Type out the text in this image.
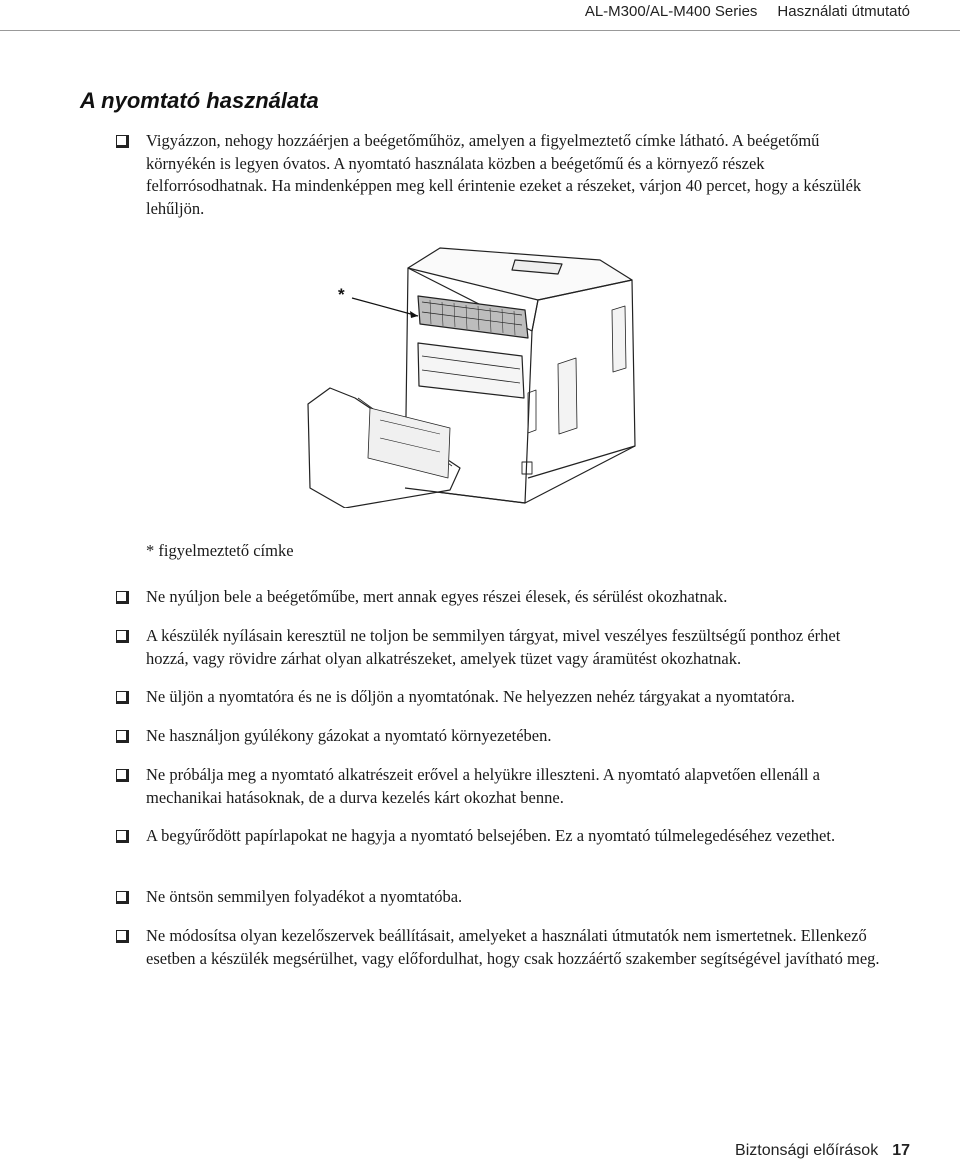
AL-M300/AL-M400 Series Használati útmutató
A nyomtató használata
Vigyázzon, nehogy hozzáérjen a beégetőműhöz, amelyen a figyelmeztető címke látható. A beégetőmű környékén is legyen óvatos. A nyomtató használata közben a beégetőmű és a környező részek felforrósodhatnak. Ha mindenképpen meg kell érintenie ezeket a részeket, várjon 40 percet, hogy a készülék lehűljön.
*
* figyelmeztető címke
Ne nyúljon bele a beégetőműbe, mert annak egyes részei élesek, és sérülést okozhatnak.
A készülék nyílásain keresztül ne toljon be semmilyen tárgyat, mivel veszélyes feszültségű ponthoz érhet hozzá, vagy rövidre zárhat olyan alkatrészeket, amelyek tüzet vagy áramütést okozhatnak.
Ne üljön a nyomtatóra és ne is dőljön a nyomtatónak. Ne helyezzen nehéz tárgyakat a nyomtatóra.
Ne használjon gyúlékony gázokat a nyomtató környezetében.
Ne próbálja meg a nyomtató alkatrészeit erővel a helyükre illeszteni. A nyomtató alapvetően ellenáll a mechanikai hatásoknak, de a durva kezelés kárt okozhat benne.
A begyűrődött papírlapokat ne hagyja a nyomtató belsejében. Ez a nyomtató túlmelegedéséhez vezethet.
Ne öntsön semmilyen folyadékot a nyomtatóba.
Ne módosítsa olyan kezelőszervek beállításait, amelyeket a használati útmutatók nem ismertetnek. Ellenkező esetben a készülék megsérülhet, vagy előfordulhat, hogy csak hozzáértő szakember segítségével javítható meg.
Biztonsági előírások 17
